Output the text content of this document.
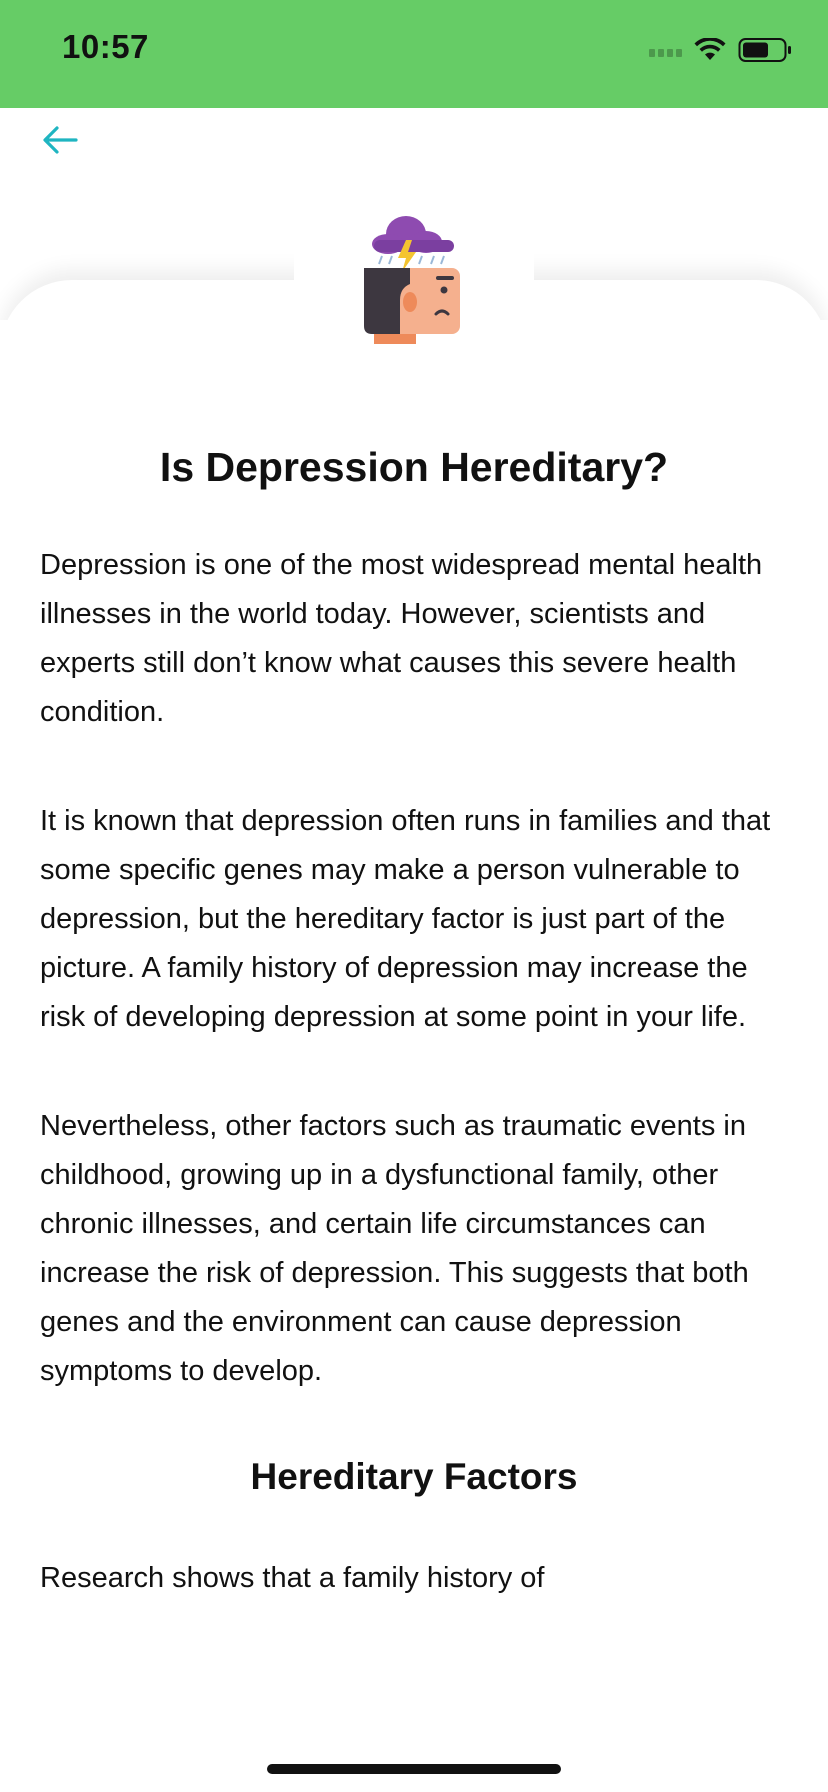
10:57
Is Depression Hereditary?

Depression is one of the most widespread mental health illnesses in the world today. However, scientists and experts still don’t know what causes this severe health condition.

It is known that depression often runs in families and that some specific genes may make a person vulnerable to depression, but the hereditary factor is just part of the picture. A family history of depression may increase the risk of developing depression at some point in your life.

Nevertheless, other factors such as traumatic events in childhood, growing up in a dysfunctional family, other chronic illnesses, and certain life circumstances can increase the risk of depression. This suggests that both genes and the environment can cause depression symptoms to develop.

Hereditary Factors

Research shows that a family history of
